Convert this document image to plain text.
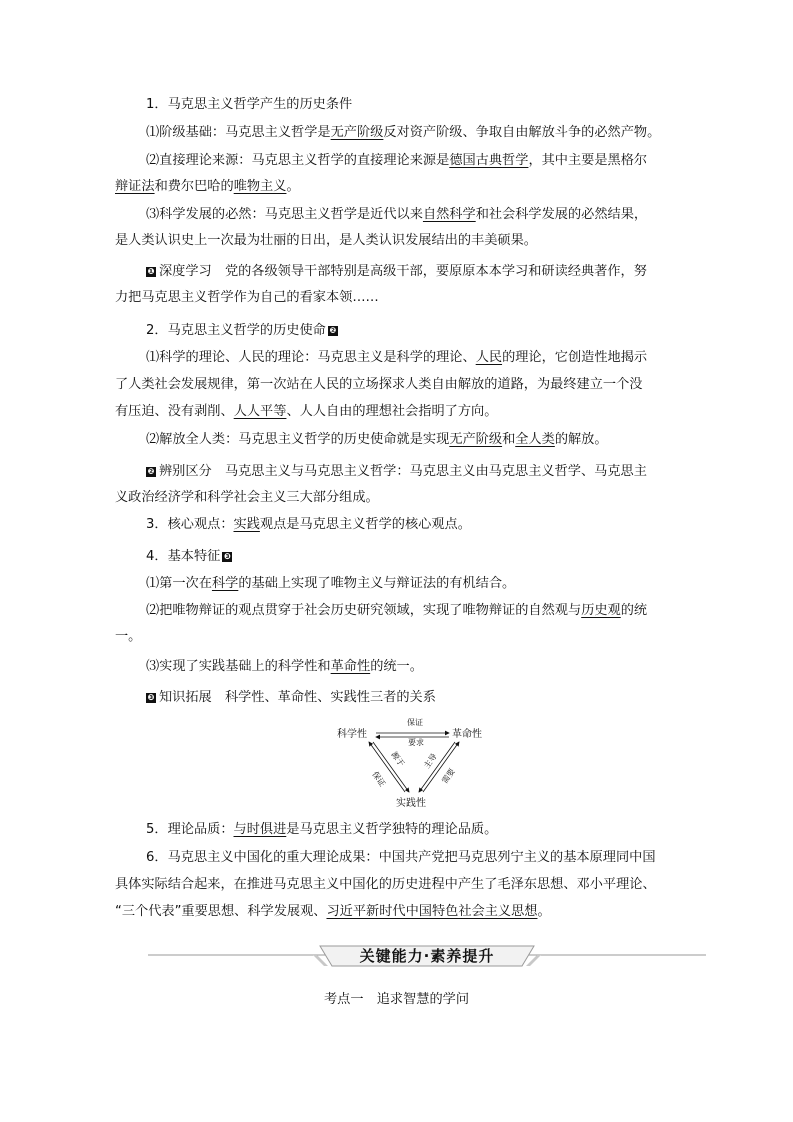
1．马克思主义哲学产生的历史条件
⑴阶级基础：马克思主义哲学是无产阶级反对资产阶级、争取自由解放斗争的必然产物。
⑵直接理论来源：马克思主义哲学的直接理论来源是德国古典哲学，其中主要是黑格尔
辩证法和费尔巴哈的唯物主义。
⑶科学发展的必然：马克思主义哲学是近代以来自然科学和社会科学发展的必然结果，
是人类认识史上一次最为壮丽的日出，是人类认识发展结出的丰美硕果。
❶ 深度学习　 党的各级领导干部特别是高级干部，要原原本本学习和研读经典著作，努
力把马克思主义哲学作为自己的看家本领……
2．马克思主义哲学的历史使命 ❷
⑴科学的理论、人民的理论：马克思主义是科学的理论、人民的理论，它创造性地揭示
了人类社会发展规律，第一次站在人民的立场探求人类自由解放的道路，为最终建立一个没
有压迫、没有剥削、人人平等、人人自由的理想社会指明了方向。
⑵解放全人类：马克思主义哲学的历史使命就是实现无产阶级和全人类的解放。
❷ 辨别区分　 马克思主义与马克思主义哲学：马克思主义由马克思主义哲学、马克思主
义政治经济学和科学社会主义三大部分组成。
3．核心观点：实践观点是马克思主义哲学的核心观点。
4．基本特征 ❸
⑴第一次在科学的基础上实现了唯物主义与辩证法的有机结合。
⑵把唯物辩证的观点贯穿于社会历史研究领域，实现了唯物辩证的自然观与历史观的统
一。
⑶实现了实践基础上的科学性和革命性的统一。
❸ 知识拓展　 科学性、革命性、实践性三者的关系
科学性	革命性
实践性
保证
要求
保证
源于 主导
需要
5．理论品质：与时俱进是马克思主义哲学独特的理论品质。
6．马克思主义中国化的重大理论成果：中国共产党把马克思列宁主义的基本原理同中国
具体实际结合起来，在推进马克思主义中国化的历史进程中产生了毛泽东思想、邓小平理论、
“三个代表”重要思想、科学发展观、习近平新时代中国特色社会主义思想。
关键能力·素养提升
考点一　追求智慧的学问
